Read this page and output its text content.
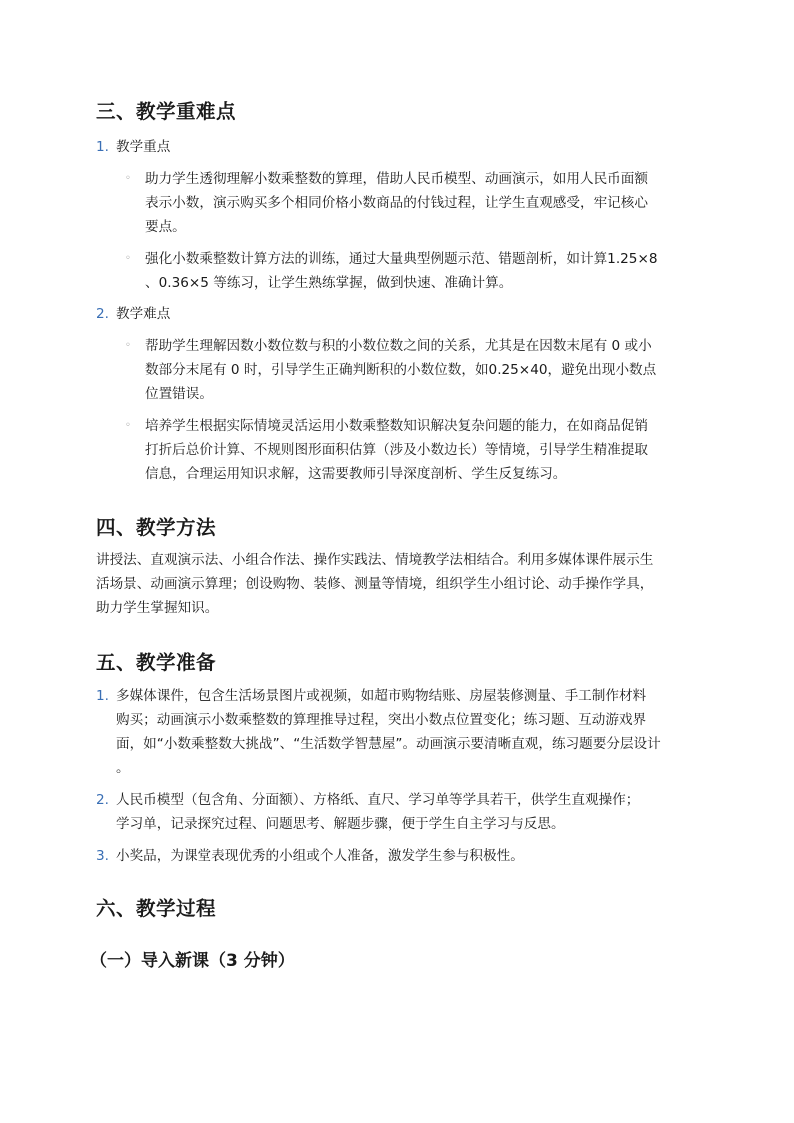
三、教学重难点
1. 教学重点
◦ 助力学生透彻理解小数乘整数的算理，借助人民币模型、动画演示，如用人民币面额
表示小数，演示购买多个相同价格小数商品的付钱过程，让学生直观感受，牢记核心
要点。
◦ 强化小数乘整数计算方法的训练，通过大量典型例题示范、错题剖析，如计算1.25×8
、0.36×5 等练习，让学生熟练掌握，做到快速、准确计算。
2. 教学难点
◦ 帮助学生理解因数小数位数与积的小数位数之间的关系，尤其是在因数末尾有 0 或小
数部分末尾有 0 时，引导学生正确判断积的小数位数，如0.25×40，避免出现小数点
位置错误。
◦ 培养学生根据实际情境灵活运用小数乘整数知识解决复杂问题的能力，在如商品促销
打折后总价计算、不规则图形面积估算（涉及小数边长）等情境，引导学生精准提取
信息，合理运用知识求解，这需要教师引导深度剖析、学生反复练习。
四、教学方法
讲授法、直观演示法、小组合作法、操作实践法、情境教学法相结合。利用多媒体课件展示生
活场景、动画演示算理；创设购物、装修、测量等情境，组织学生小组讨论、动手操作学具，
助力学生掌握知识。
五、教学准备
1. 多媒体课件，包含生活场景图片或视频，如超市购物结账、房屋装修测量、手工制作材料
购买；动画演示小数乘整数的算理推导过程，突出小数点位置变化；练习题、互动游戏界
面，如“小数乘整数大挑战”、“生活数学智慧屋”。动画演示要清晰直观，练习题要分层设计
。
2. 人民币模型（包含角、分面额）、方格纸、直尺、学习单等学具若干，供学生直观操作；
学习单，记录探究过程、问题思考、解题步骤，便于学生自主学习与反思。
3. 小奖品，为课堂表现优秀的小组或个人准备，激发学生参与积极性。
六、教学过程
（一）导入新课（3 分钟）
